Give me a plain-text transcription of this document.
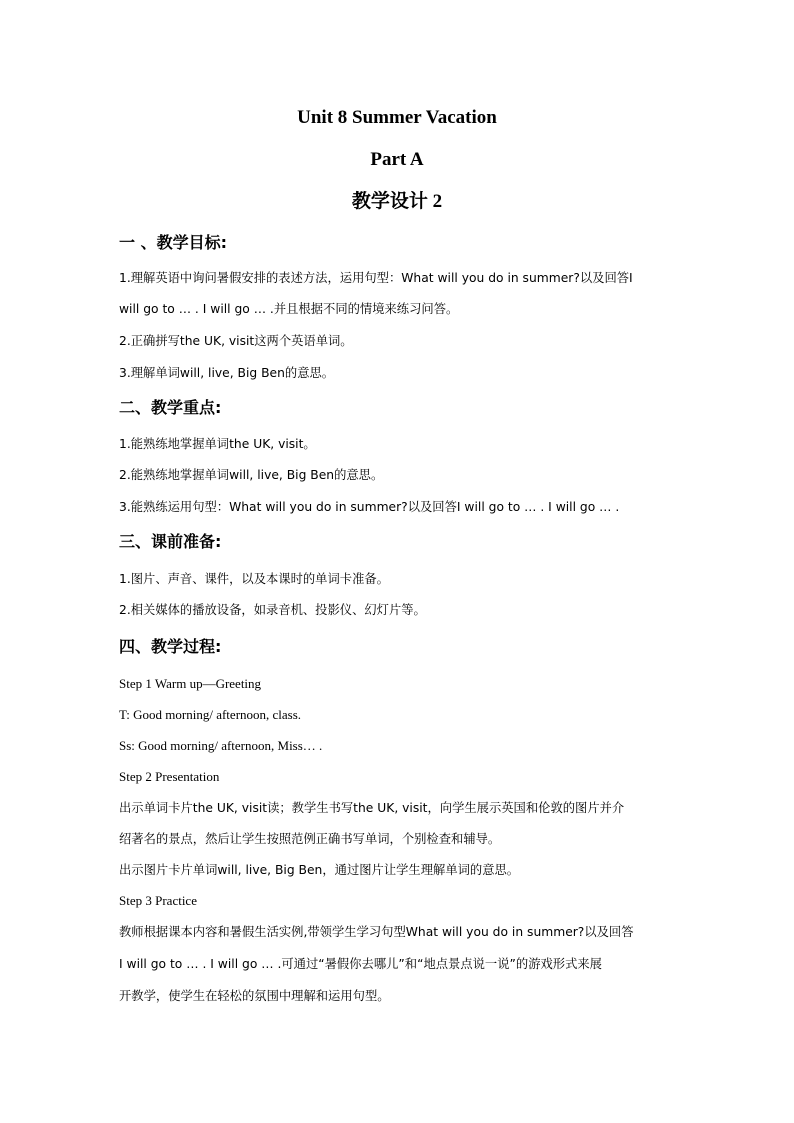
Unit 8 Summer Vacation
Part A
教学设计 2
一 、教学目标:
1.理解英语中询问暑假安排的表述方法，运用句型：What will you do in summer?以及回答I
will go to … . I will go … .并且根据不同的情境来练习问答。
2.正确拼写the UK, visit这两个英语单词。
3.理解单词will, live, Big Ben的意思。
二、教学重点:
1.能熟练地掌握单词the UK, visit。
2.能熟练地掌握单词will, live, Big Ben的意思。
3.能熟练运用句型：What will you do in summer?以及回答I will go to … . I will go … .
三、课前准备:
1.图片、声音、课件，以及本课时的单词卡准备。
2.相关媒体的播放设备，如录音机、投影仪、幻灯片等。
四、教学过程:
Step 1 Warm up—Greeting
T: Good morning/ afternoon, class.
Ss: Good morning/ afternoon, Miss… .
Step 2 Presentation
出示单词卡片the UK, visit读；教学生书写the UK, visit，向学生展示英国和伦敦的图片并介
绍著名的景点，然后让学生按照范例正确书写单词，个别检查和辅导。
出示图片卡片单词will, live, Big Ben，通过图片让学生理解单词的意思。
Step 3 Practice
教师根据课本内容和暑假生活实例,带领学生学习句型What will you do in summer?以及回答
I will go to … . I will go … .可通过“暑假你去哪儿”和“地点景点说一说”的游戏形式来展
开教学，使学生在轻松的氛围中理解和运用句型。
